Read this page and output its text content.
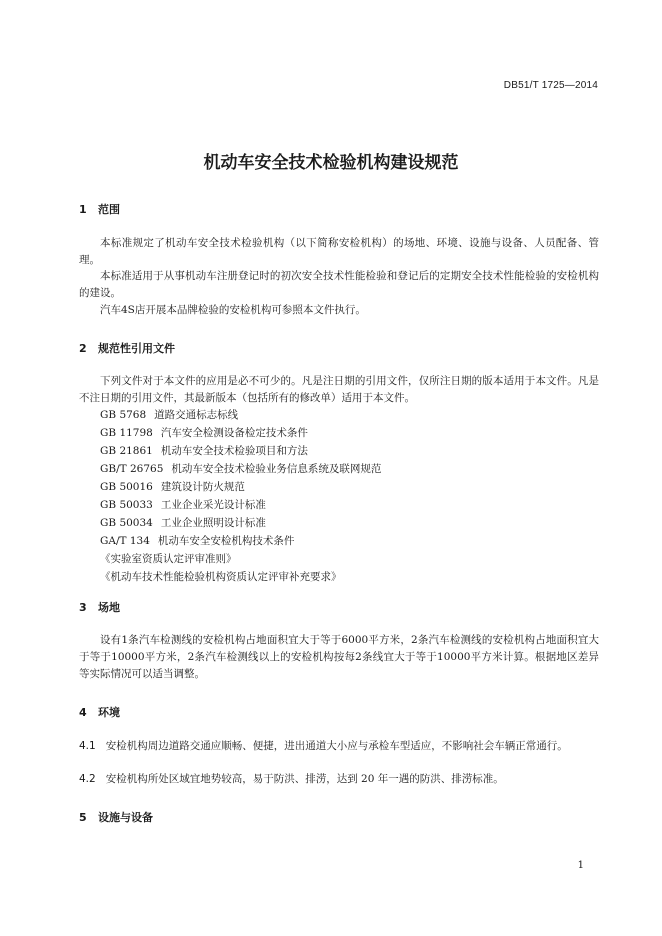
DB51/T 1725—2014
机动车安全技术检验机构建设规范
1 范围

本标准规定了机动车安全技术检验机构（以下简称安检机构）的场地、环境、设施与设备、人员配备、管理。

本标准适用于从事机动车注册登记时的初次安全技术性能检验和登记后的定期安全技术性能检验的安检机构的建设。

汽车4S店开展本品牌检验的安检机构可参照本文件执行。

2 规范性引用文件

下列文件对于本文件的应用是必不可少的。凡是注日期的引用文件，仅所注日期的版本适用于本文件。凡是不注日期的引用文件，其最新版本（包括所有的修改单）适用于本文件。

GB 5768 道路交通标志标线
GB 11798 汽车安全检测设备检定技术条件
GB 21861 机动车安全技术检验项目和方法
GB/T 26765 机动车安全技术检验业务信息系统及联网规范
GB 50016 建筑设计防火规范
GB 50033 工业企业采光设计标准
GB 50034 工业企业照明设计标准
GA/T 134 机动车安全安检机构技术条件
《实验室资质认定评审准则》
《机动车技术性能检验机构资质认定评审补充要求》
3 场地

设有1条汽车检测线的安检机构占地面积宜大于等于6000平方米，2条汽车检测线的安检机构占地面积宜大于等于10000平方米，2条汽车检测线以上的安检机构按每2条线宜大于等于10000平方米计算。根据地区差异等实际情况可以适当调整。

4 环境

4.1 安检机构周边道路交通应顺畅、便捷，进出通道大小应与承检车型适应，不影响社会车辆正常通行。

4.2 安检机构所处区域宜地势较高，易于防洪、排涝，达到 20 年一遇的防洪、排涝标准。

5 设施与设备
1
